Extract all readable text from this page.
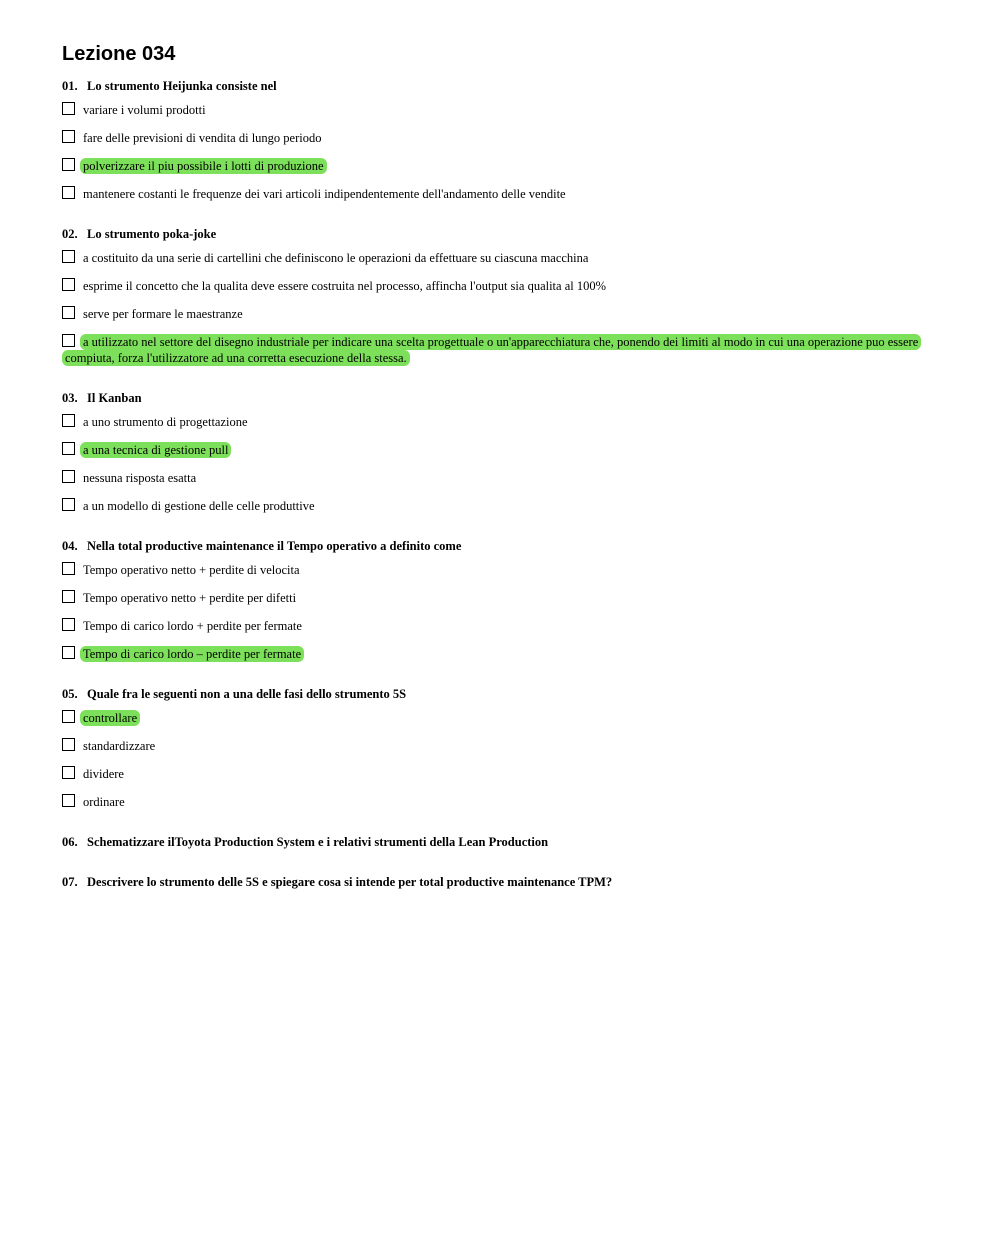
Lezione 034
01. Lo strumento Heijunka consiste nel
variare i volumi prodotti
fare delle previsioni di vendita di lungo periodo
polverizzare il piu possibile i lotti di produzione
mantenere costanti le frequenze dei vari articoli indipendentemente dell'andamento delle vendite
02. Lo strumento poka-joke
a costituito da una serie di cartellini che definiscono le operazioni da effettuare su ciascuna macchina
esprime il concetto che la qualita deve essere costruita nel processo, affincha l'output sia qualita al 100%
serve per formare le maestranze
a utilizzato nel settore del disegno industriale per indicare una scelta progettuale o un'apparecchiatura che, ponendo dei limiti al modo in cui una operazione puo essere compiuta, forza l'utilizzatore ad una corretta esecuzione della stessa.
03. Il Kanban
a uno strumento di progettazione
a una tecnica di gestione pull
nessuna risposta esatta
a un modello di gestione delle celle produttive
04. Nella total productive maintenance il Tempo operativo a definito come
Tempo operativo netto + perdite di velocita
Tempo operativo netto + perdite per difetti
Tempo di carico lordo + perdite per fermate
Tempo di carico lordo – perdite per fermate
05. Quale fra le seguenti non a una delle fasi dello strumento 5S
controllare
standardizzare
dividere
ordinare
06. Schematizzare ilToyota Production System e i relativi strumenti della Lean Production
07. Descrivere lo strumento delle 5S e spiegare cosa si intende per total productive maintenance TPM?
